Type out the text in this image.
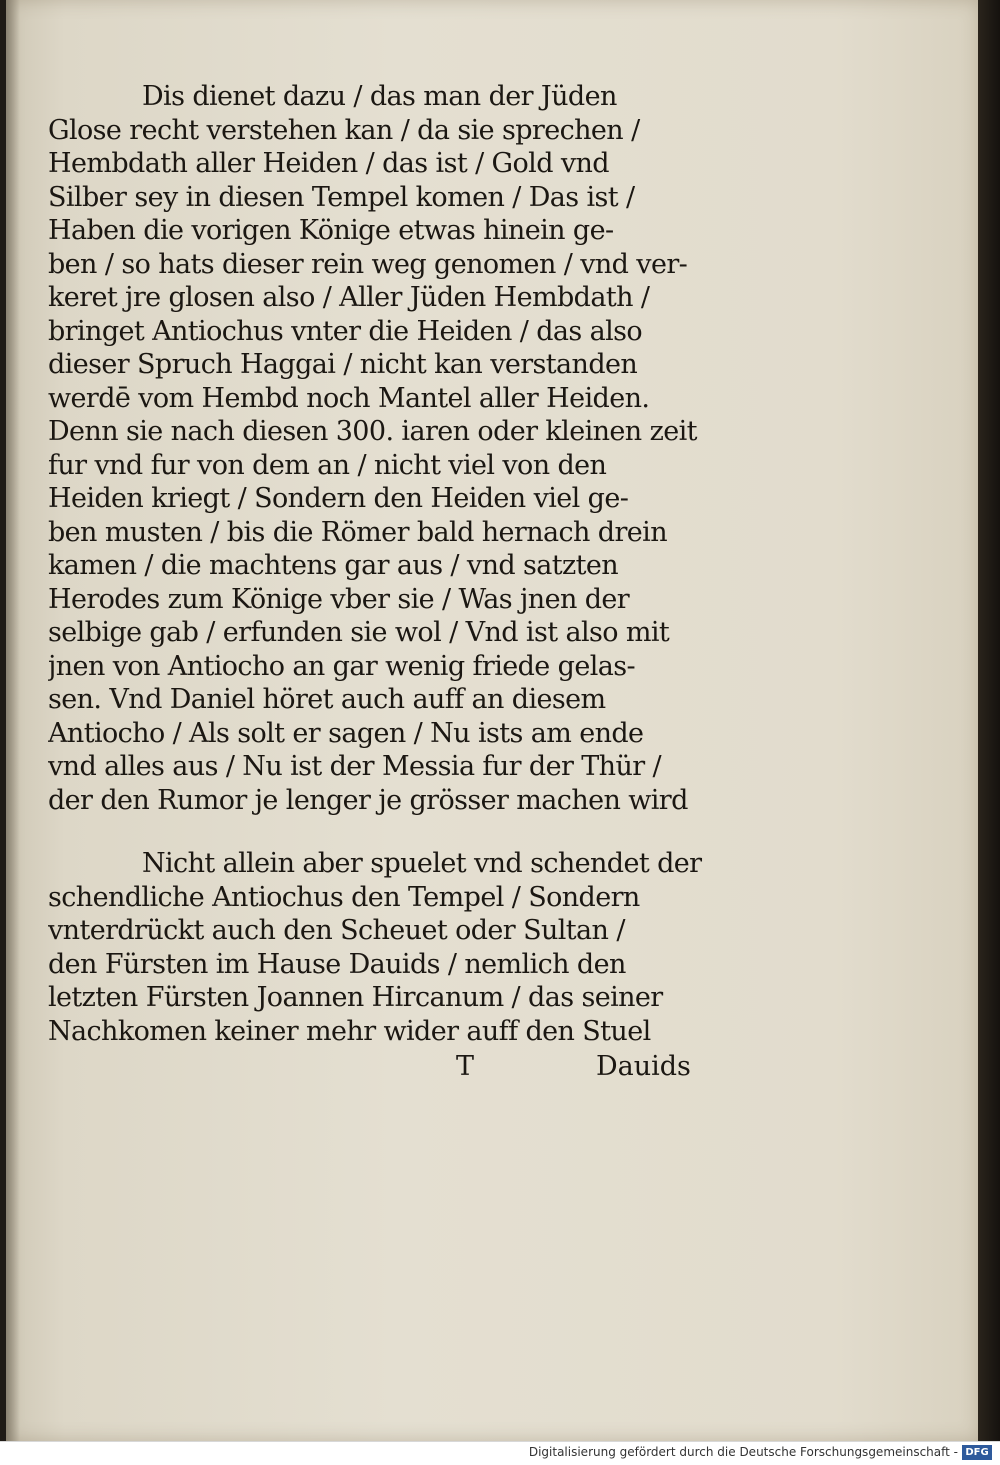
Dis dienet dazu / das man der Jüden
Glose recht verstehen kan / da sie sprechen /
Hembdath aller Heiden / das ist / Gold vnd
Silber sey in diesen Tempel komen / Das ist /
Haben die vorigen Könige etwas hinein ge-
ben / so hats dieser rein weg genomen / vnd ver-
keret jre glosen also / Aller Jüden Hembdath /
bringet Antiochus vnter die Heiden / das also
dieser Spruch Haggai / nicht kan verstanden
werdē vom Hembd noch Mantel aller Heiden.
Denn sie nach diesen 300. iaren oder kleinen zeit
fur vnd fur von dem an / nicht viel von den
Heiden kriegt / Sondern den Heiden viel ge-
ben musten / bis die Römer bald hernach drein
kamen / die machtens gar aus / vnd satzten
Herodes zum Könige vber sie / Was jnen der
selbige gab / erfunden sie wol / Vnd ist also mit
jnen von Antiocho an gar wenig friede gelas-
sen. Vnd Daniel höret auch auff an diesem
Antiocho / Als solt er sagen / Nu ists am ende
vnd alles aus / Nu ist der Messia fur der Thür /
der den Rumor je lenger je grösser machen wird
Nicht allein aber spuelet vnd schendet der
schendliche Antiochus den Tempel / Sondern
vnterdrückt auch den Scheuet oder Sultan /
den Fürsten im Hause Dauids / nemlich den
letzten Fürsten Joannen Hircanum / das seiner
Nachkomen keiner mehr wider auff den Stuel
T	Dauids
Digitalisierung gefördert durch die Deutsche Forschungsgemeinschaft - DFG
